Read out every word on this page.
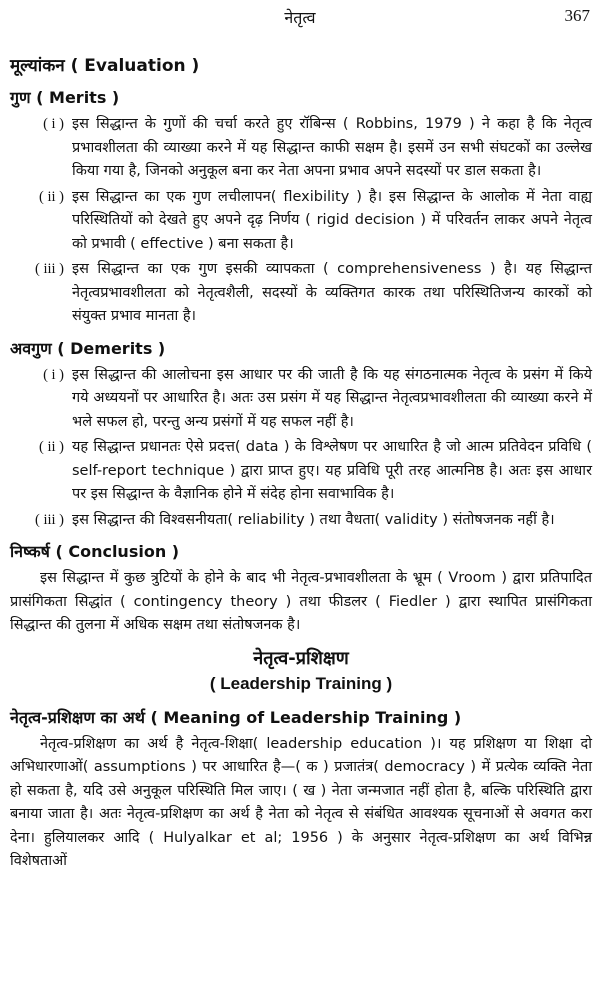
नेतृत्व	367
मूल्यांकन ( Evaluation )
गुण ( Merits )
( i ) इस सिद्धान्त के गुणों की चर्चा करते हुए रॉबिन्स ( Robbins, 1979 ) ने कहा है कि नेतृत्व प्रभावशीलता की व्याख्या करने में यह सिद्धान्त काफी सक्षम है। इसमें उन सभी संघटकों का उल्लेख किया गया है, जिनको अनुकूल बना कर नेता अपना प्रभाव अपने सदस्यों पर डाल सकता है।
( ii ) इस सिद्धान्त का एक गुण लचीलापन( flexibility ) है। इस सिद्धान्त के आलोक में नेता वाह्य परिस्थितियों को देखते हुए अपने दृढ़ निर्णय ( rigid decision ) में परिवर्तन लाकर अपने नेतृत्व को प्रभावी ( effective ) बना सकता है।
( iii ) इस सिद्धान्त का एक गुण इसकी व्यापकता ( comprehensiveness ) है। यह सिद्धान्त नेतृत्वप्रभावशीलता को नेतृत्वशैली, सदस्यों के व्यक्तिगत कारक तथा परिस्थितिजन्य कारकों को संयुक्त प्रभाव मानता है।
अवगुण ( Demerits )
( i ) इस सिद्धान्त की आलोचना इस आधार पर की जाती है कि यह संगठनात्मक नेतृत्व के प्रसंग में किये गये अध्ययनों पर आधारित है। अतः उस प्रसंग में यह सिद्धान्त नेतृत्वप्रभावशीलता की व्याख्या करने में भले सफल हो, परन्तु अन्य प्रसंगों में यह सफल नहीं है।
( ii ) यह सिद्धान्त प्रधानतः ऐसे प्रदत्त( data ) के विश्लेषण पर आधारित है जो आत्म प्रतिवेदन प्रविधि ( self-report technique ) द्वारा प्राप्त हुए। यह प्रविधि पूरी तरह आत्मनिष्ठ है। अतः इस आधार पर इस सिद्धान्त के वैज्ञानिक होने में संदेह होना सवाभाविक है।
( iii ) इस सिद्धान्त की विश्वसनीयता( reliability ) तथा वैधता( validity ) संतोषजनक नहीं है।
निष्कर्ष ( Conclusion )
इस सिद्धान्त में कुछ त्रुटियों के होने के बाद भी नेतृत्व-प्रभावशीलता के भ्रूम ( Vroom ) द्वारा प्रतिपादित प्रासंगिकता सिद्धांत ( contingency theory ) तथा फीडलर ( Fiedler ) द्वारा स्थापित प्रासंगिकता सिद्धान्त की तुलना में अधिक सक्षम तथा संतोषजनक है।
नेतृत्व-प्रशिक्षण
( Leadership Training )
नेतृत्व-प्रशिक्षण का अर्थ ( Meaning of Leadership Training )
नेतृत्व-प्रशिक्षण का अर्थ है नेतृत्व-शिक्षा( leadership education )। यह प्रशिक्षण या शिक्षा दो अभिधारणाओं( assumptions ) पर आधारित है—( क ) प्रजातंत्र( democracy ) में प्रत्येक व्यक्ति नेता हो सकता है, यदि उसे अनुकूल परिस्थिति मिल जाए। ( ख ) नेता जन्मजात नहीं होता है, बल्कि परिस्थिति द्वारा बनाया जाता है। अतः नेतृत्व-प्रशिक्षण का अर्थ है नेता को नेतृत्व से संबंधित आवश्यक सूचनाओं से अवगत करा देना। हुलियालकर आदि ( Hulyalkar et al; 1956 ) के अनुसार नेतृत्व-प्रशिक्षण का अर्थ विभिन्न विशेषताओं
